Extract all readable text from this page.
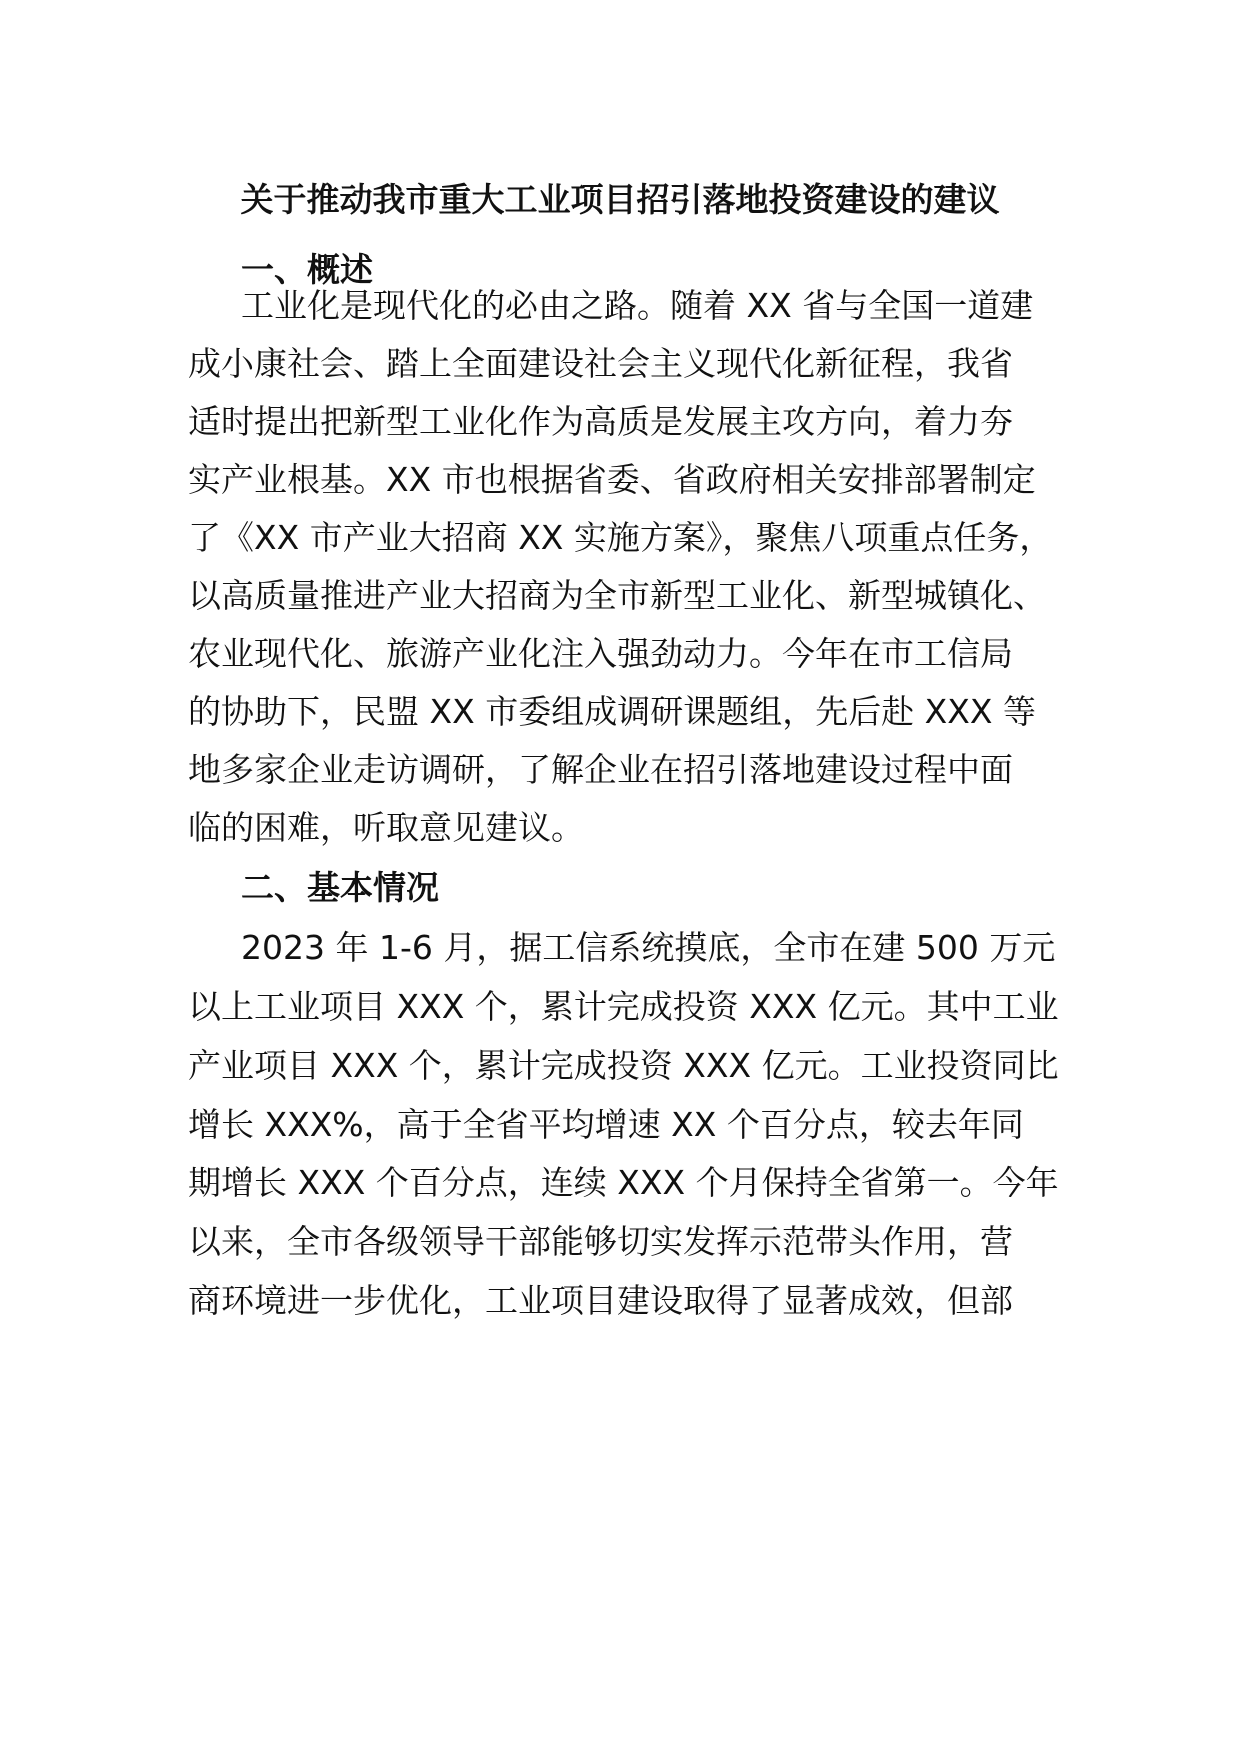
关于推动我市重大工业项目招引落地投资建设的建议
一、概述
工业化是现代化的必由之路。随着 XX 省与全国一道建
成小康社会、踏上全面建设社会主义现代化新征程，我省
适时提出把新型工业化作为高质是发展主攻方向，着力夯
实产业根基。XX 市也根据省委、省政府相关安排部署制定
了《XX 市产业大招商 XX 实施方案》，聚焦八项重点任务，
以高质量推进产业大招商为全市新型工业化、新型城镇化、
农业现代化、旅游产业化注入强劲动力。今年在市工信局
的协助下，民盟 XX 市委组成调研课题组，先后赴 XXX 等
地多家企业走访调研，了解企业在招引落地建设过程中面
临的困难，听取意见建议。
二、基本情况
2023 年 1-6 月，据工信系统摸底，全市在建 500 万元
以上工业项目 XXX 个，累计完成投资 XXX 亿元。其中工业
产业项目 XXX 个，累计完成投资 XXX 亿元。工业投资同比
增长 XXX%，高于全省平均增速 XX 个百分点，较去年同
期增长 XXX 个百分点，连续 XXX 个月保持全省第一。今年
以来，全市各级领导干部能够切实发挥示范带头作用，营
商环境进一步优化，工业项目建设取得了显著成效，但部
